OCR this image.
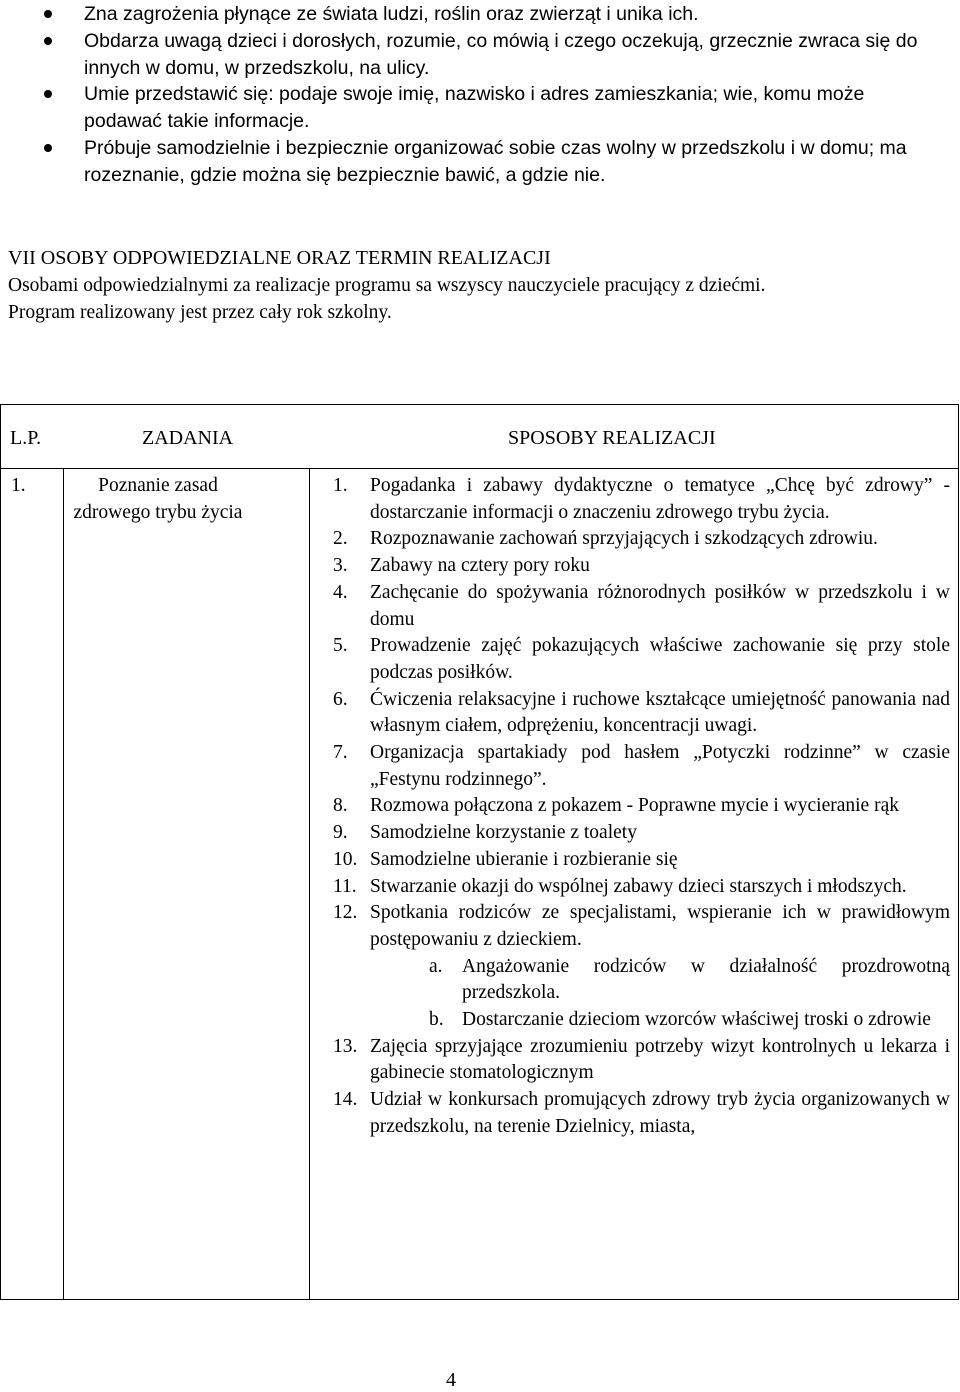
Zna zagrożenia płynące ze świata ludzi, roślin oraz zwierząt i unika ich.
Obdarza uwagą dzieci i dorosłych, rozumie, co mówią i czego oczekują, grzecznie zwraca się do innych w domu, w przedszkolu, na ulicy.
Umie przedstawić się: podaje swoje imię, nazwisko i adres zamieszkania; wie, komu może podawać takie informacje.
Próbuje samodzielnie i bezpiecznie organizować sobie czas wolny w przedszkolu i w domu; ma rozeznanie, gdzie można się bezpiecznie bawić, a gdzie nie.
VII OSOBY ODPOWIEDZIALNE ORAZ TERMIN REALIZACJI
Osobami odpowiedzialnymi za realizacje programu sa wszyscy nauczyciele pracujący z dziećmi.
Program realizowany jest przez cały rok szkolny.
L.P.	ZADANIA	SPOSOBY REALIZACJI
1.	Poznanie zasad zdrowego trybu życia
1. Pogadanka i zabawy dydaktyczne o tematyce „Chcę być zdrowy” - dostarczanie informacji o znaczeniu zdrowego trybu życia.
2. Rozpoznawanie zachowań sprzyjających i szkodzących zdrowiu.
3. Zabawy na cztery pory roku
4. Zachęcanie do spożywania różnorodnych posiłków w przedszkolu i w domu
5. Prowadzenie zajęć pokazujących właściwe zachowanie się przy stole podczas posiłków.
6. Ćwiczenia relaksacyjne i ruchowe kształcące umiejętność panowania nad własnym ciałem, odprężeniu, koncentracji uwagi.
7. Organizacja spartakiady pod hasłem „Potyczki rodzinne” w czasie „Festynu rodzinnego”.
8. Rozmowa połączona z pokazem - Poprawne mycie i wycieranie rąk
9. Samodzielne korzystanie z toalety
10. Samodzielne ubieranie i rozbieranie się
11. Stwarzanie okazji do wspólnej zabawy dzieci starszych i młodszych.
12. Spotkania rodziców ze specjalistami, wspieranie ich w prawidłowym postępowaniu z dzieckiem.
a. Angażowanie rodziców w działalność prozdrowotną przedszkola.
b. Dostarczanie dzieciom wzorców właściwej troski o zdrowie
13. Zajęcia sprzyjające zrozumieniu potrzeby wizyt kontrolnych u lekarza i gabinecie stomatologicznym
14. Udział w konkursach promujących zdrowy tryb życia organizowanych w przedszkolu, na terenie Dzielnicy, miasta,
4
